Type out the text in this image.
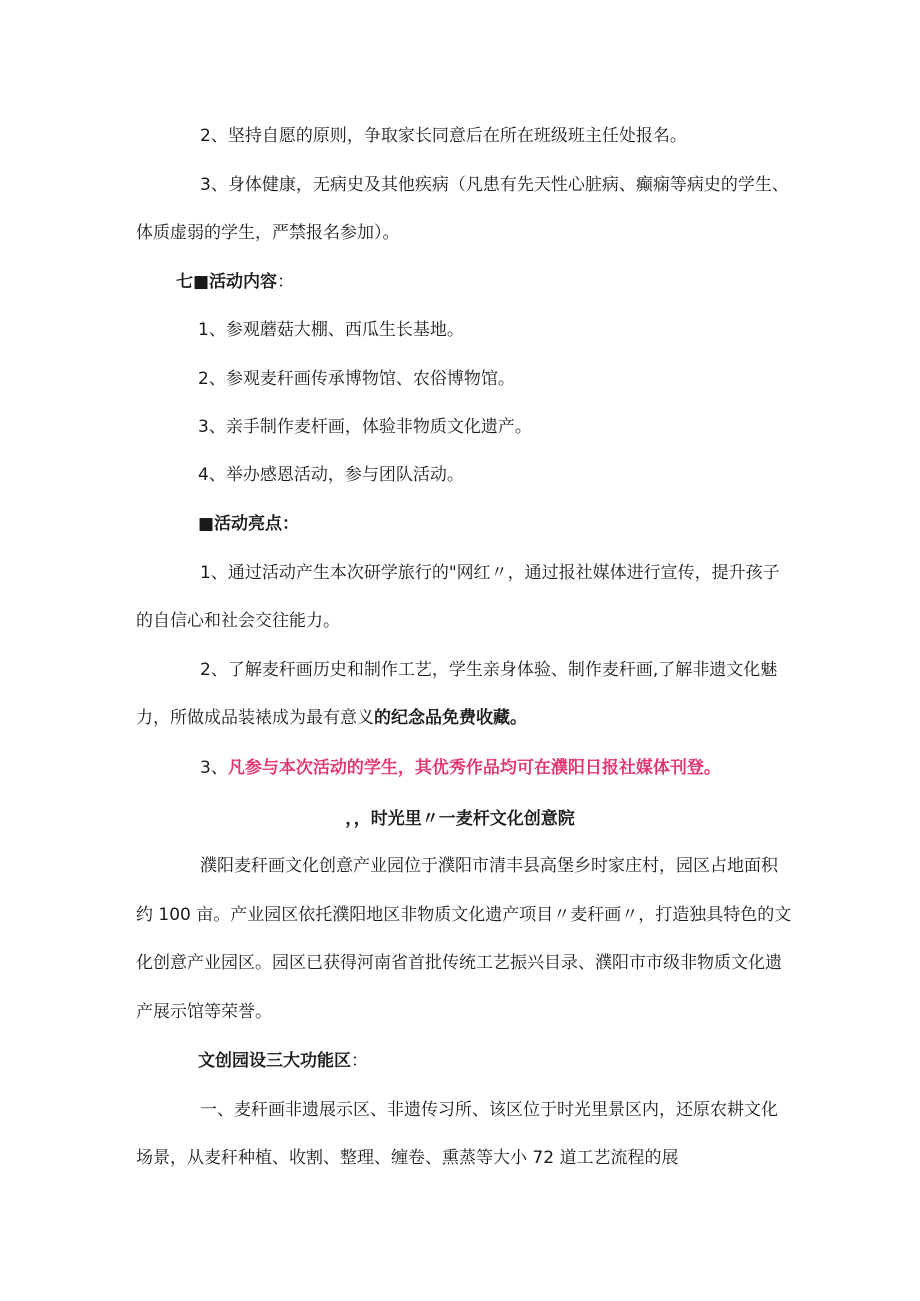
2、坚持自愿的原则，争取家长同意后在所在班级班主任处报名。
3、身体健康，无病史及其他疾病（凡患有先天性心脏病、癫痫等病史的学生、
体质虚弱的学生，严禁报名参加）。
七■活动内容：
1、参观蘑菇大棚、西瓜生长基地。
2、参观麦秆画传承博物馆、农俗博物馆。
3、亲手制作麦杆画，体验非物质文化遗产。
4、举办感恩活动，参与团队活动。
■活动亮点：
1、通过活动产生本次研学旅行的"网红〃，通过报社媒体进行宣传，提升孩子
的自信心和社会交往能力。
2、了解麦秆画历史和制作工艺，学生亲身体验、制作麦秆画,了解非遗文化魅
力，所做成品装裱成为最有意义的纪念品免费收藏。
3、凡参与本次活动的学生，其优秀作品均可在濮阳日报社媒体刊登。
，，时光里〃一麦杆文化创意院
濮阳麦秆画文化创意产业园位于濮阳市清丰县高堡乡时家庄村，园区占地面积
约 100 亩。产业园区依托濮阳地区非物质文化遗产项目〃麦秆画〃，打造独具特色的文
化创意产业园区。园区已获得河南省首批传统工艺振兴目录、濮阳市市级非物质文化遗
产展示馆等荣誉。
文创园设三大功能区：
一、麦秆画非遗展示区、非遗传习所、该区位于时光里景区内，还原农耕文化
场景，从麦秆种植、收割、整理、缠卷、熏蒸等大小 72 道工艺流程的展
